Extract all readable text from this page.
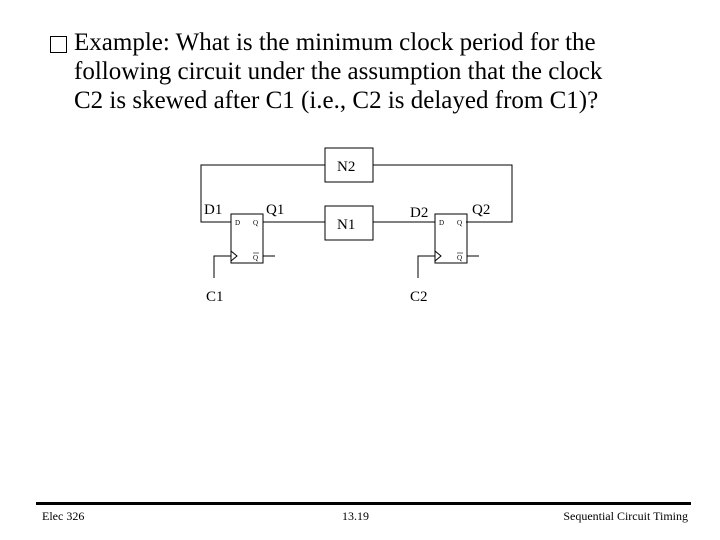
Example: What is the minimum clock period for the
following circuit under the assumption that the clock
C2 is skewed after C1 (i.e., C2 is delayed from C1)?

N2
N1
D Q
Q
D Q
Q
D1	Q1	D2	Q2
C1	C2
Elec 326	13.19	Sequential Circuit Timing
